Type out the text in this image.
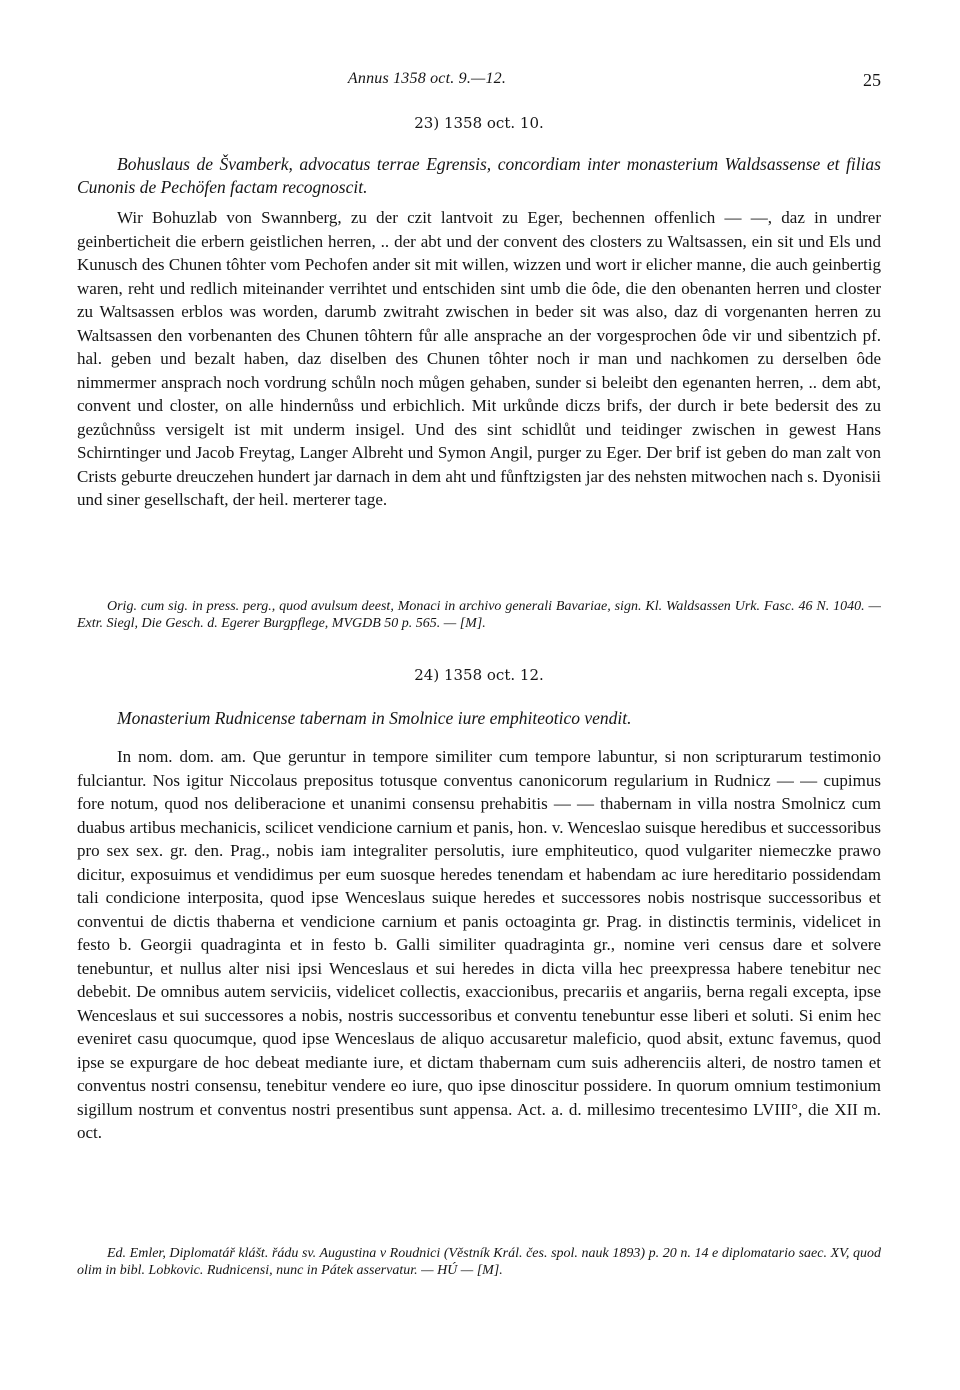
Annus 1358 oct. 9.—12.	25
23) 1358 oct. 10.
Bohuslaus de Švamberk, advocatus terrae Egrensis, concordiam inter monasterium Waldsassense et filias Cunonis de Pechöfen factam recognoscit.
Wir Bohuzlab von Swannberg, zu der czit lantvoit zu Eger, bechennen offenlich — —, daz in undrer geinberticheit die erbern geistlichen herren, .. der abt und der convent des closters zu Waltsassen, ein sit und Els und Kunusch des Chunen tôhter vom Pechofen ander sit mit willen, wizzen und wort ir elicher manne, die auch geinbertig waren, reht und redlich miteinander verrihtet und entschiden sint umb die ôde, die den obenanten herren und closter zu Waltsassen erblos was worden, darumb zwitraht zwischen in beder sit was also, daz di vorgenanten herren zu Waltsassen den vorbenanten des Chunen tôhtern fůr alle ansprache an der vorgesprochen ôde vir und sibentzich pf. hal. geben und bezalt haben, daz diselben des Chunen tôhter noch ir man und nachkomen zu derselben ôde nimmermer ansprach noch vordrung schůln noch můgen gehaben, sunder si beleibt den egenanten herren, .. dem abt, convent und closter, on alle hindernůss und erbichlich. Mit urkůnde diczs brifs, der durch ir bete bedersit des zu gezůchnůss versigelt ist mit underm insigel. Und des sint schidlůt und teidinger zwischen in gewest Hans Schirntinger und Jacob Freytag, Langer Albreht und Symon Angil, purger zu Eger. Der brif ist geben do man zalt von Crists geburte dreuczehen hundert jar darnach in dem aht und fůnftzigsten jar des nehsten mitwochen nach s. Dyonisii und siner gesellschaft, der heil. merterer tage.
Orig. cum sig. in press. perg., quod avulsum deest, Monaci in archivo generali Bavariae, sign. Kl. Waldsassen Urk. Fasc. 46 N. 1040. — Extr. Siegl, Die Gesch. d. Egerer Burgpflege, MVGDB 50 p. 565. — [M].
24) 1358 oct. 12.
Monasterium Rudnicense tabernam in Smolnice iure emphiteotico vendit.
In nom. dom. am. Que geruntur in tempore similiter cum tempore labuntur, si non scripturarum testimonio fulciantur. Nos igitur Niccolaus prepositus totusque conventus canonicorum regularium in Rudnicz — — cupimus fore notum, quod nos deliberacione et unanimi consensu prehabitis — — thabernam in villa nostra Smolnicz cum duabus artibus mechanicis, scilicet vendicione carnium et panis, hon. v. Wenceslao suisque heredibus et successoribus pro sex sex. gr. den. Prag., nobis iam integraliter persolutis, iure emphiteutico, quod vulgariter niemeczke prawo dicitur, exposuimus et vendidimus per eum suosque heredes tenendam et habendam ac iure hereditario possidendam tali condicione interposita, quod ipse Wenceslaus suique heredes et successores nobis nostrisque successoribus et conventui de dictis thaberna et vendicione carnium et panis octoaginta gr. Prag. in distinctis terminis, videlicet in festo b. Georgii quadraginta et in festo b. Galli similiter quadraginta gr., nomine veri census dare et solvere tenebuntur, et nullus alter nisi ipsi Wenceslaus et sui heredes in dicta villa hec preexpressa habere tenebitur nec debebit. De omnibus autem serviciis, videlicet collectis, exaccionibus, precariis et angariis, berna regali excepta, ipse Wenceslaus et sui successores a nobis, nostris successoribus et conventu tenebuntur esse liberi et soluti. Si enim hec eveniret casu quocumque, quod ipse Wenceslaus de aliquo accusaretur maleficio, quod absit, extunc favemus, quod ipse se expurgare de hoc debeat mediante iure, et dictam thabernam cum suis adherenciis alteri, de nostro tamen et conventus nostri consensu, tenebitur vendere eo iure, quo ipse dinoscitur possidere. In quorum omnium testimonium sigillum nostrum et conventus nostri presentibus sunt appensa. Act. a. d. millesimo trecentesimo LVIII°, die XII m. oct.
Ed. Emler, Diplomatář klášt. řádu sv. Augustina v Roudnici (Věstník Král. čes. spol. nauk 1893) p. 20 n. 14 e diplomatario saec. XV, quod olim in bibl. Lobkovic. Rudnicensi, nunc in Pátek asservatur. — HÚ — [M].
